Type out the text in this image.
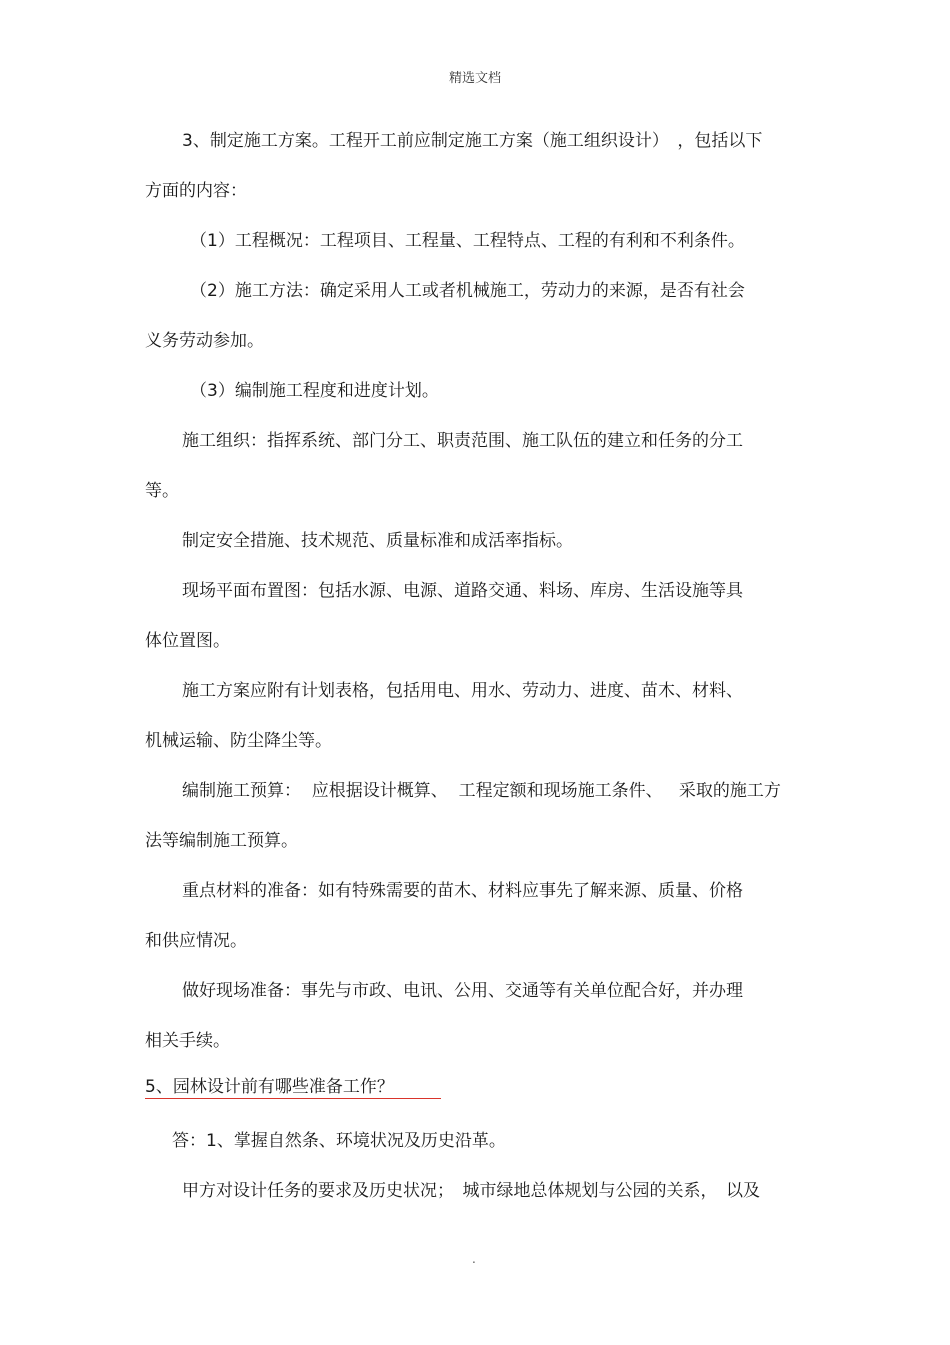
精选文档
3、制定施工方案。工程开工前应制定施工方案（施工组织设计）　，包括以下
方面的内容：
（1）工程概况：工程项目、工程量、工程特点、工程的有利和不利条件。
（2）施工方法：确定采用人工或者机械施工，劳动力的来源，是否有社会
义务劳动参加。
（3）编制施工程度和进度计划。
施工组织：指挥系统、部门分工、职责范围、施工队伍的建立和任务的分工
等。
制定安全措施、技术规范、质量标准和成活率指标。
现场平面布置图：包括水源、电源、道路交通、料场、库房、生活设施等具
体位置图。
施工方案应附有计划表格，包括用电、用水、劳动力、进度、苗木、材料、
机械运输、防尘降尘等。
编制施工预算：  应根据设计概算、  工程定额和现场施工条件、   采取的施工方
法等编制施工预算。
重点材料的准备：如有特殊需要的苗木、材料应事先了解来源、质量、价格
和供应情况。
做好现场准备：事先与市政、电讯、公用、交通等有关单位配合好，并办理
相关手续。
5、园林设计前有哪些准备工作？
答：1、掌握自然条、环境状况及历史沿革。
甲方对设计任务的要求及历史状况；　城市绿地总体规划与公园的关系，　以及
.
